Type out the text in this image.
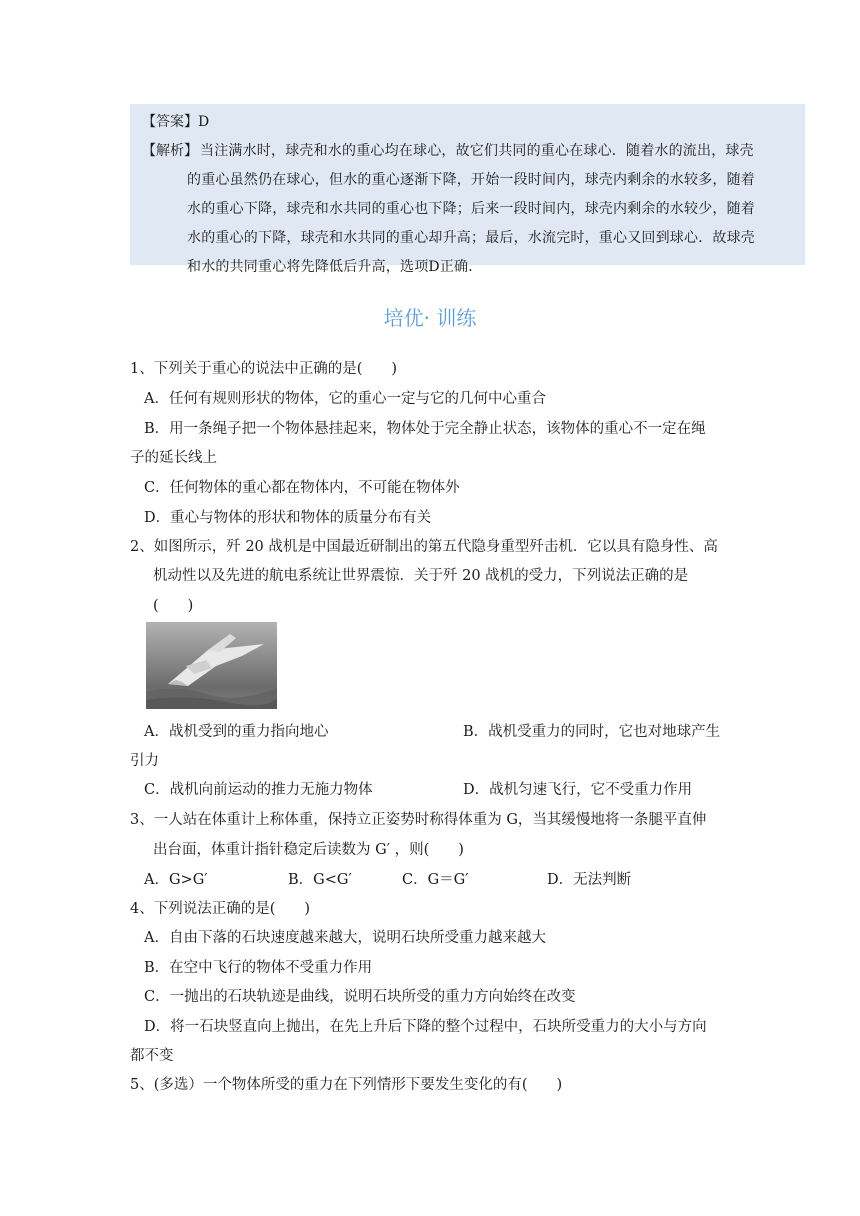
【答案】D
【解析】 当注满水时，球壳和水的重心均在球心，故它们共同的重心在球心．随着水的流出，球壳
的重心虽然仍在球心，但水的重心逐渐下降，开始一段时间内，球壳内剩余的水较多，随着
水的重心下降，球壳和水共同的重心也下降；后来一段时间内，球壳内剩余的水较少，随着
水的重心的下降，球壳和水共同的重心却升高；最后，水流完时，重心又回到球心．故球壳
和水的共同重心将先降低后升高，选项D正确．
培优· 训练
1、下列关于重心的说法中正确的是(　　)
A．任何有规则形状的物体，它的重心一定与它的几何中心重合
B．用一条绳子把一个物体悬挂起来，物体处于完全静止状态，该物体的重心不一定在绳
子的延长线上
C．任何物体的重心都在物体内，不可能在物体外
D．重心与物体的形状和物体的质量分布有关
2、如图所示，歼 20 战机是中国最近研制出的第五代隐身重型歼击机．它以具有隐身性、高
机动性以及先进的航电系统让世界震惊．关于歼 20 战机的受力，下列说法正确的是
(　　)
A．战机受到的重力指向地心	B．战机受重力的同时，它也对地球产生
引力
C．战机向前运动的推力无施力物体	D．战机匀速飞行，它不受重力作用
3、一人站在体重计上称体重，保持立正姿势时称得体重为 G，当其缓慢地将一条腿平直伸
出台面，体重计指针稳定后读数为 G′ ，则(　　)
A．G>G′	B．G<G′	C．G＝G′	D．无法判断
4、下列说法正确的是(　　)
A．自由下落的石块速度越来越大，说明石块所受重力越来越大
B．在空中飞行的物体不受重力作用
C．一抛出的石块轨迹是曲线，说明石块所受的重力方向始终在改变
D．将一石块竖直向上抛出，在先上升后下降的整个过程中，石块所受重力的大小与方向
都不变
5、(多选）一个物体所受的重力在下列情形下要发生变化的有(　　)
